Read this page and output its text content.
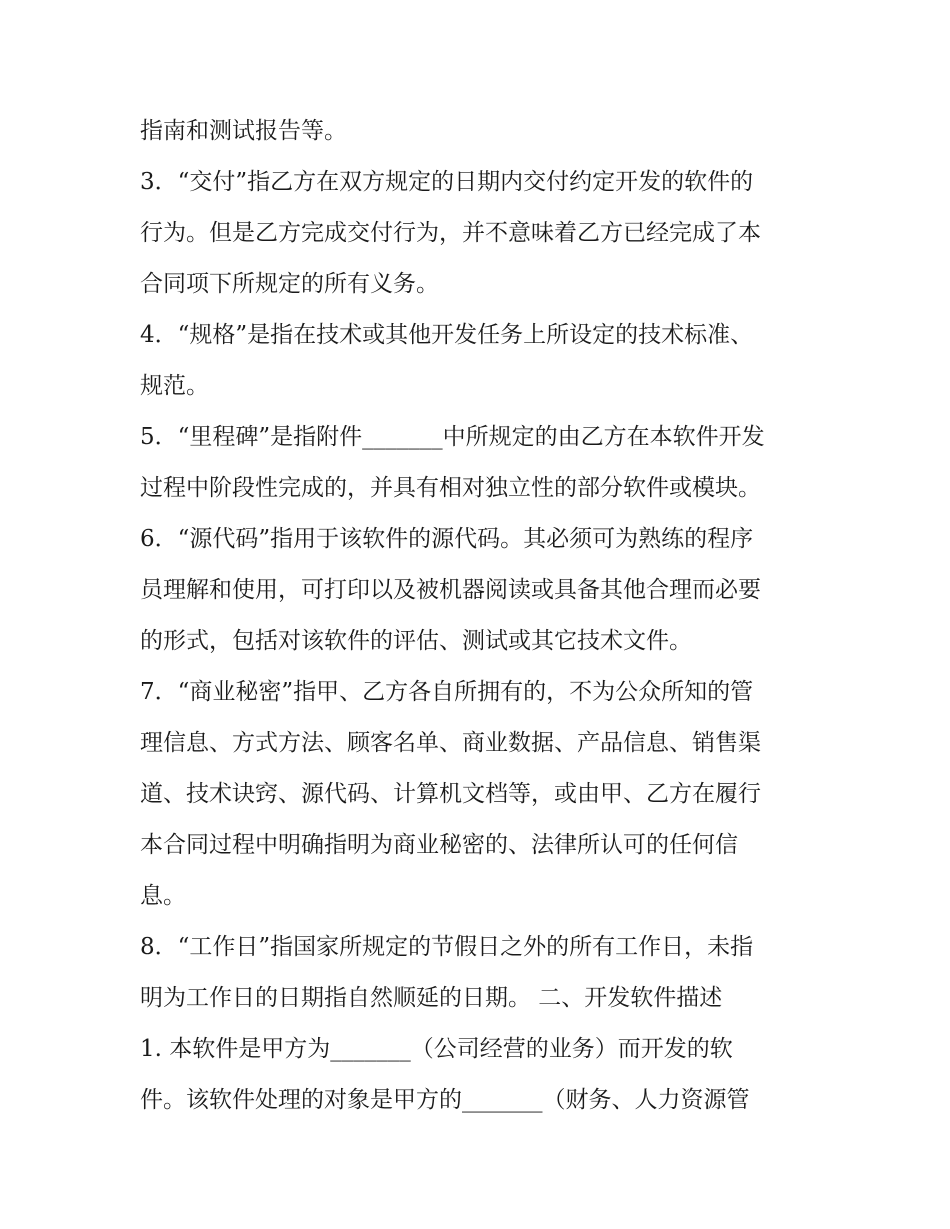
指南和测试报告等。
3．“交付”指乙方在双方规定的日期内交付约定开发的软件的
行为。但是乙方完成交付行为，并不意味着乙方已经完成了本
合同项下所规定的所有义务。
4．“规格”是指在技术或其他开发任务上所设定的技术标准、
规范。
5．“里程碑”是指附件_______中所规定的由乙方在本软件开发
过程中阶段性完成的，并具有相对独立性的部分软件或模块。
6．“源代码”指用于该软件的源代码。其必须可为熟练的程序
员理解和使用，可打印以及被机器阅读或具备其他合理而必要
的形式，包括对该软件的评估、测试或其它技术文件。
7．“商业秘密”指甲、乙方各自所拥有的，不为公众所知的管
理信息、方式方法、顾客名单、商业数据、产品信息、销售渠
道、技术诀窍、源代码、计算机文档等，或由甲、乙方在履行
本合同过程中明确指明为商业秘密的、法律所认可的任何信
息。
8．“工作日”指国家所规定的节假日之外的所有工作日，未指
明为工作日的日期指自然顺延的日期。 二、开发软件描述
1. 本软件是甲方为_______（公司经营的业务）而开发的软
件。该软件处理的对象是甲方的_______（财务、人力资源管
